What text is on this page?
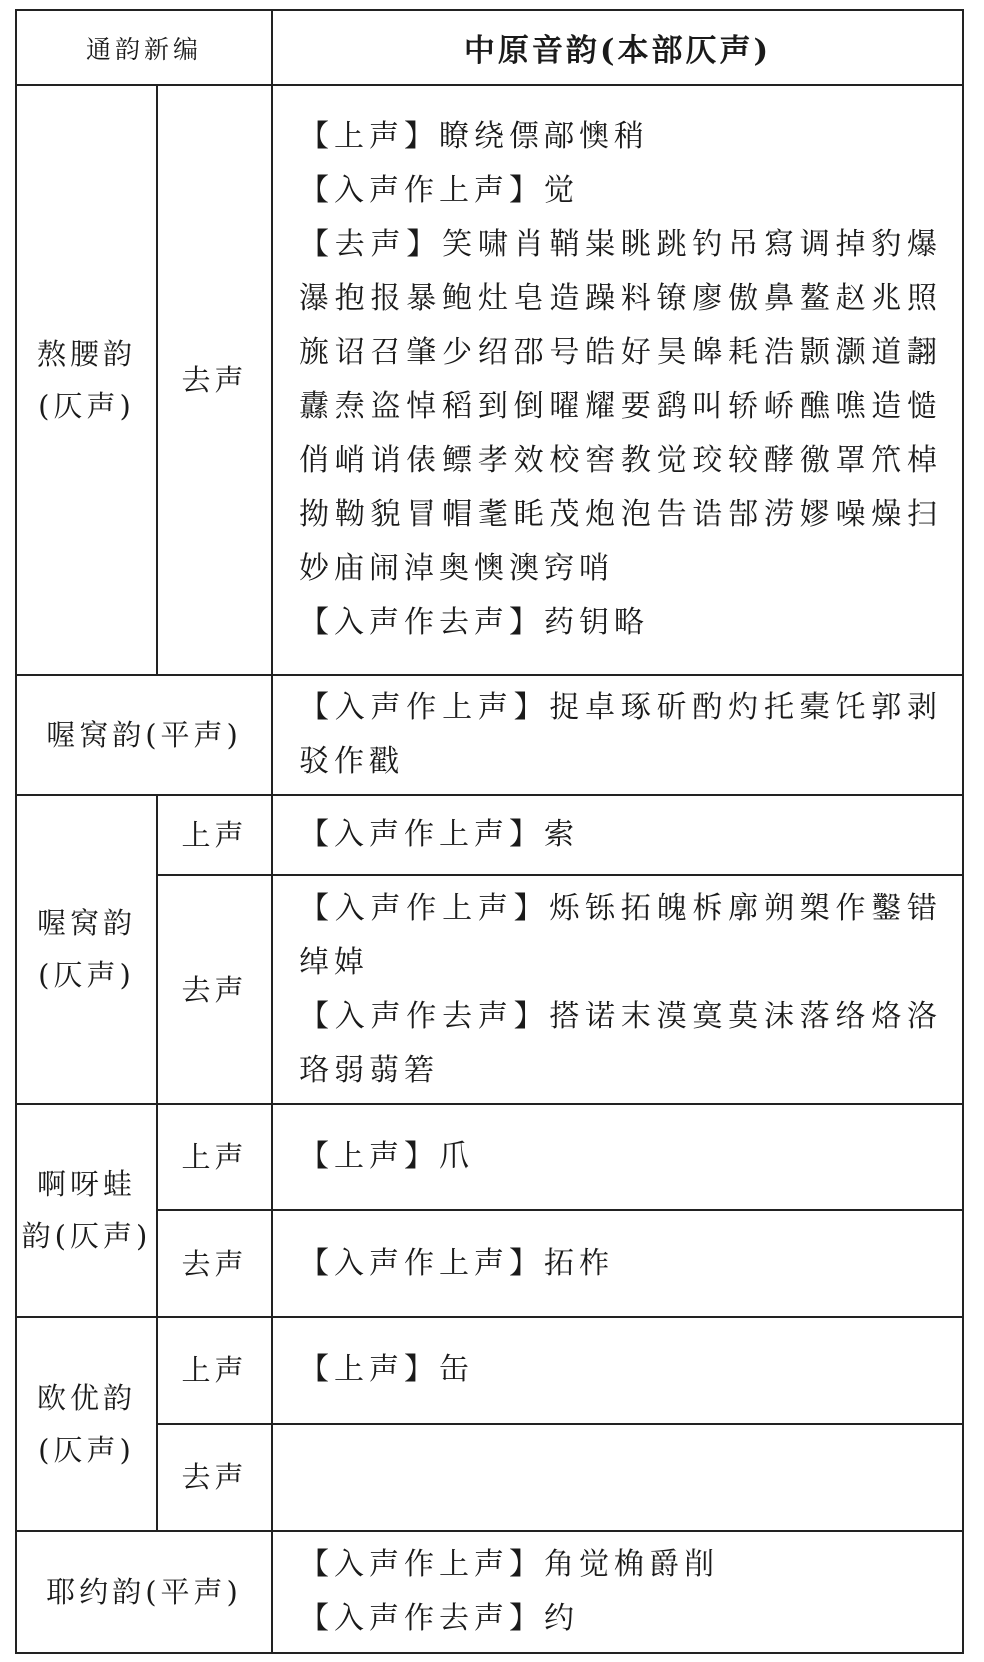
通韵新编		中原音韵(本部仄声)

熬腰韵
(仄声)	去声	【上声】瞭绕僄鄗懊稍
【入声作上声】觉
【去声】笑啸肖鞘粜眺跳钓吊寫调掉豹爆瀑抱报暴鲍灶皂造躁料镣廖傲鼻鳌赵兆照旐诏召肇少绍邵号皓好昊皞耗浩颢灏道翿纛焘盗悼稻到倒曜耀要鹞叫轿峤醮噍造慥俏峭诮俵鳔孝效校窖教觉珓较酵徼罩笊棹拗靿貌冒帽耄眊茂炮泡告诰郜涝嫪噪燥扫妙庙闹淖奥懊澳窍哨
【入声作去声】药钥略

喔窝韵(平声)		【入声作上声】捉卓琢斫酌灼托橐饦郭剥驳作戳

喔窝韵
(仄声)	上声	【入声作上声】索

	去声	【入声作上声】烁铄拓魄柝廓朔槊作鑿错绰婥
【入声作去声】搭诺末漠寞莫沫落络烙洛珞弱蒻箬

啊呀蛙
韵(仄声)	上声	【上声】爪

	去声	【入声作上声】拓柞

欧优韵
(仄声)	上声	【上声】缶

	去声	

耶约韵(平声)		【入声作上声】角觉桷爵削
【入声作去声】约
